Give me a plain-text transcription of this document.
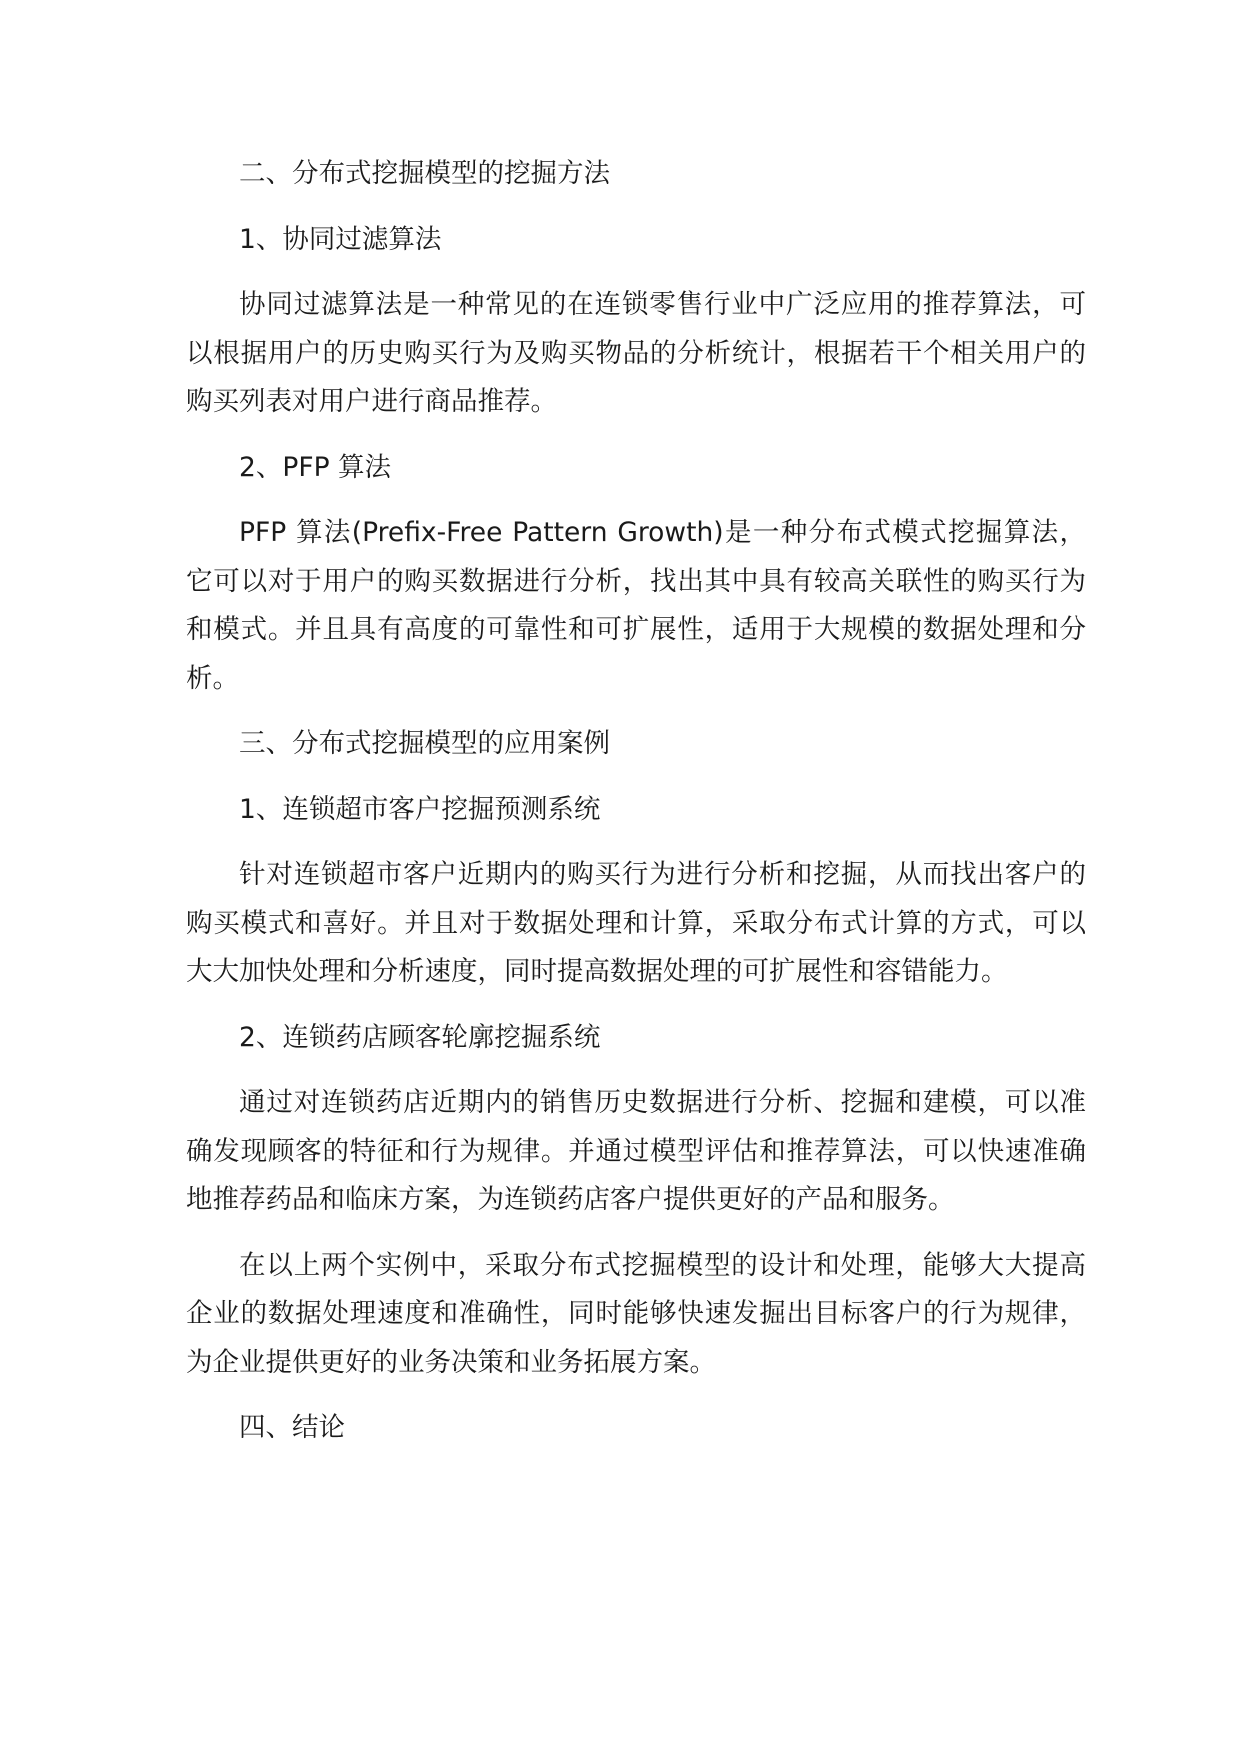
二、分布式挖掘模型的挖掘方法

1、协同过滤算法

协同过滤算法是一种常见的在连锁零售行业中广泛应用的推荐算法，可以根据用户的历史购买行为及购买物品的分析统计，根据若干个相关用户的购买列表对用户进行商品推荐。

2、PFP 算法

PFP 算法(Prefix-Free Pattern Growth)是一种分布式模式挖掘算法，它可以对于用户的购买数据进行分析，找出其中具有较高关联性的购买行为和模式。并且具有高度的可靠性和可扩展性，适用于大规模的数据处理和分析。

三、分布式挖掘模型的应用案例

1、连锁超市客户挖掘预测系统

针对连锁超市客户近期内的购买行为进行分析和挖掘，从而找出客户的购买模式和喜好。并且对于数据处理和计算，采取分布式计算的方式，可以大大加快处理和分析速度，同时提高数据处理的可扩展性和容错能力。

2、连锁药店顾客轮廓挖掘系统

通过对连锁药店近期内的销售历史数据进行分析、挖掘和建模，可以准确发现顾客的特征和行为规律。并通过模型评估和推荐算法，可以快速准确地推荐药品和临床方案，为连锁药店客户提供更好的产品和服务。

在以上两个实例中，采取分布式挖掘模型的设计和处理，能够大大提高企业的数据处理速度和准确性，同时能够快速发掘出目标客户的行为规律，为企业提供更好的业务决策和业务拓展方案。

四、结论
